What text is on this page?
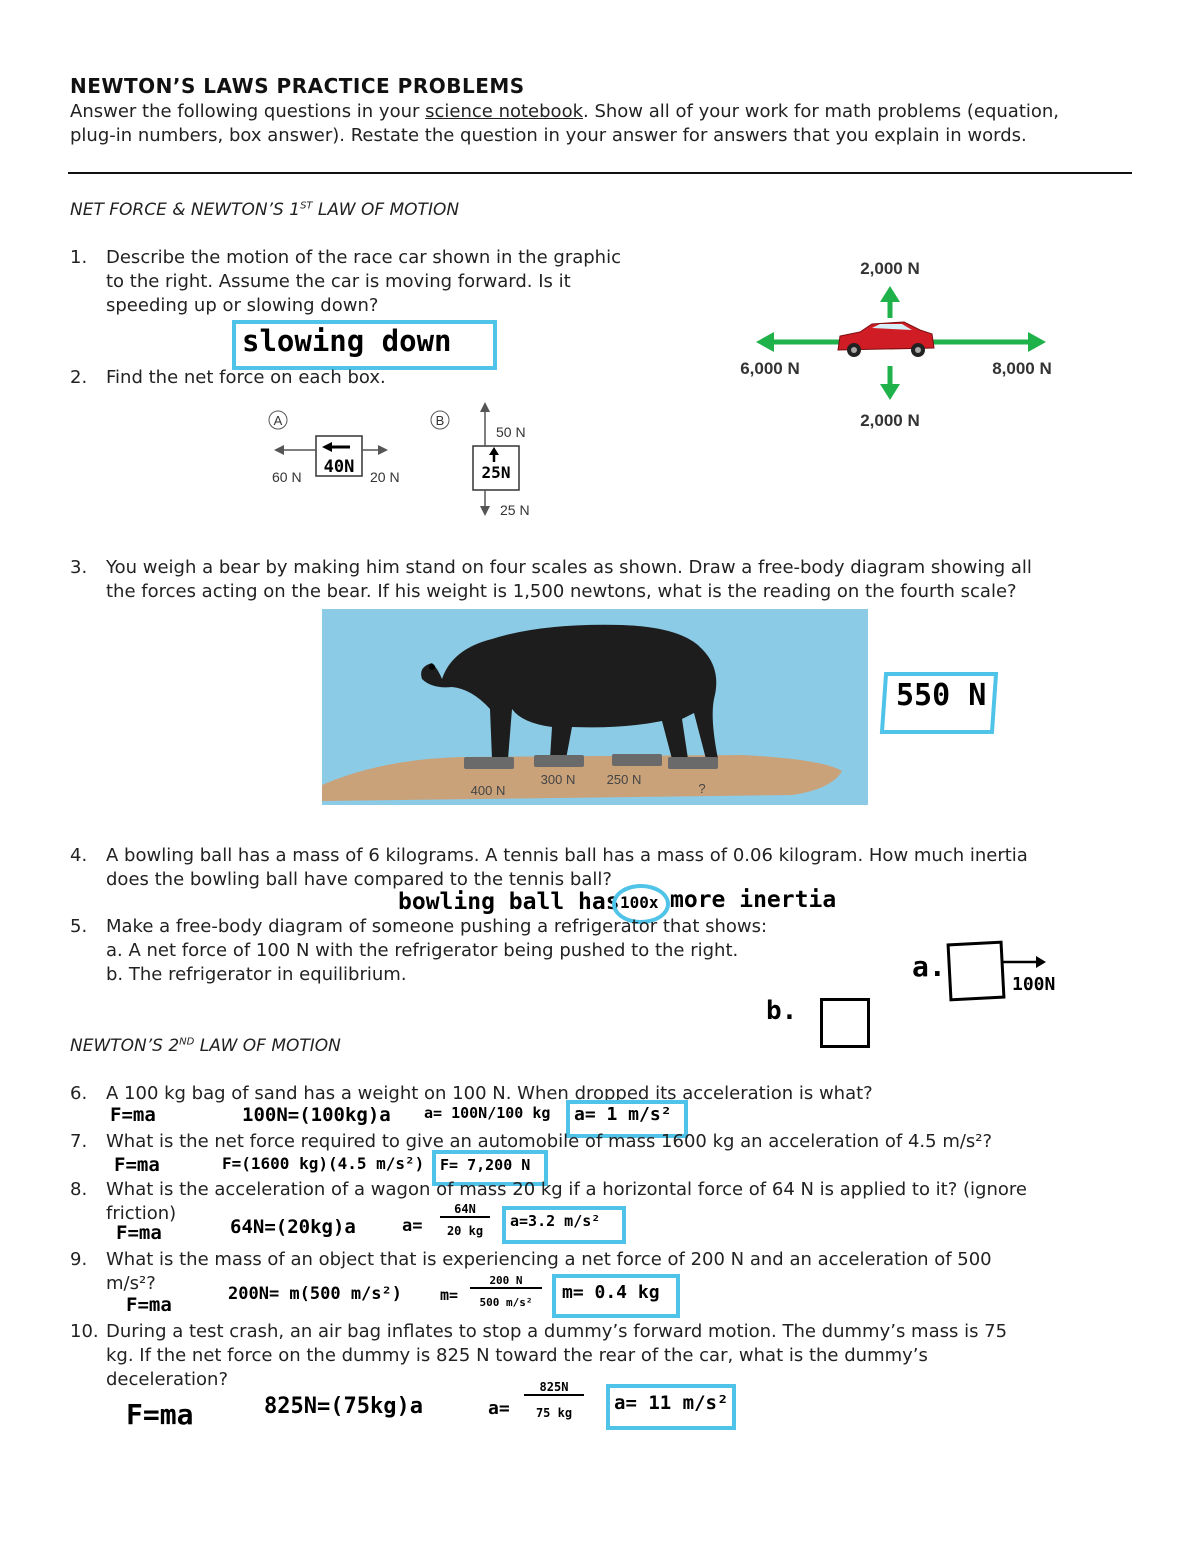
NEWTON’S LAWS PRACTICE PROBLEMS
Answer the following questions in your science notebook. Show all of your work for math problems (equation, plug-in numbers, box answer). Restate the question in your answer for answers that you explain in words.
NET FORCE & NEWTON’S 1ST LAW OF MOTION
1. Describe the motion of the race car shown in the graphic
to the right. Assume the car is moving forward. Is it
speeding up or slowing down?
slowing down
2,000 N
2,000 N
6,000 N	8,000 N
2. Find the net force on each box.
A
40N
60 N	20 N
B
25N
50 N
25 N
3. You weigh a bear by making him stand on four scales as shown. Draw a free-body diagram showing all
the forces acting on the bear. If his weight is 1,500 newtons, what is the reading on the fourth scale?
400 N
300 N 250 N
?
550 N
4. A bowling ball has a mass of 6 kilograms. A tennis ball has a mass of 0.06 kilogram. How much inertia
does the bowling ball have compared to the tennis ball?
bowling ball has 100x more inertia
5. Make a free-body diagram of someone pushing a refrigerator that shows:
a. A net force of 100 N with the refrigerator being pushed to the right.
b. The refrigerator in equilibrium.	a.
100N
b.
NEWTON’S 2ND LAW OF MOTION
6. A 100 kg bag of sand has a weight on 100 N. When dropped its acceleration is what?
F=ma	100N=(100kg)a a= 100N/100 kg a= 1 m/s²
7. What is the net force required to give an automobile of mass 1600 kg an acceleration of 4.5 m/s²?
F=ma	F=(1600 kg)(4.5 m/s²) F= 7,200 N
8. What is the acceleration of a wagon of mass 20 kg if a horizontal force of 64 N is applied to it? (ignore
friction)
F=ma	64N=(20kg)a	a=
64N
20 kg
a=3.2 m/s²
9. What is the mass of an object that is experiencing a net force of 200 N and an acceleration of 500
m/s²?
F=ma	200N= m(500 m/s²)	m=
200 N
500 m/s²	m= 0.4 kg
10. During a test crash, an air bag inflates to stop a dummy’s forward motion. The dummy’s mass is 75
kg. If the net force on the dummy is 825 N toward the rear of the car, what is the dummy’s
deceleration?
F=ma	825N=(75kg)a	a=
825N
75 kg	a= 11 m/s²
